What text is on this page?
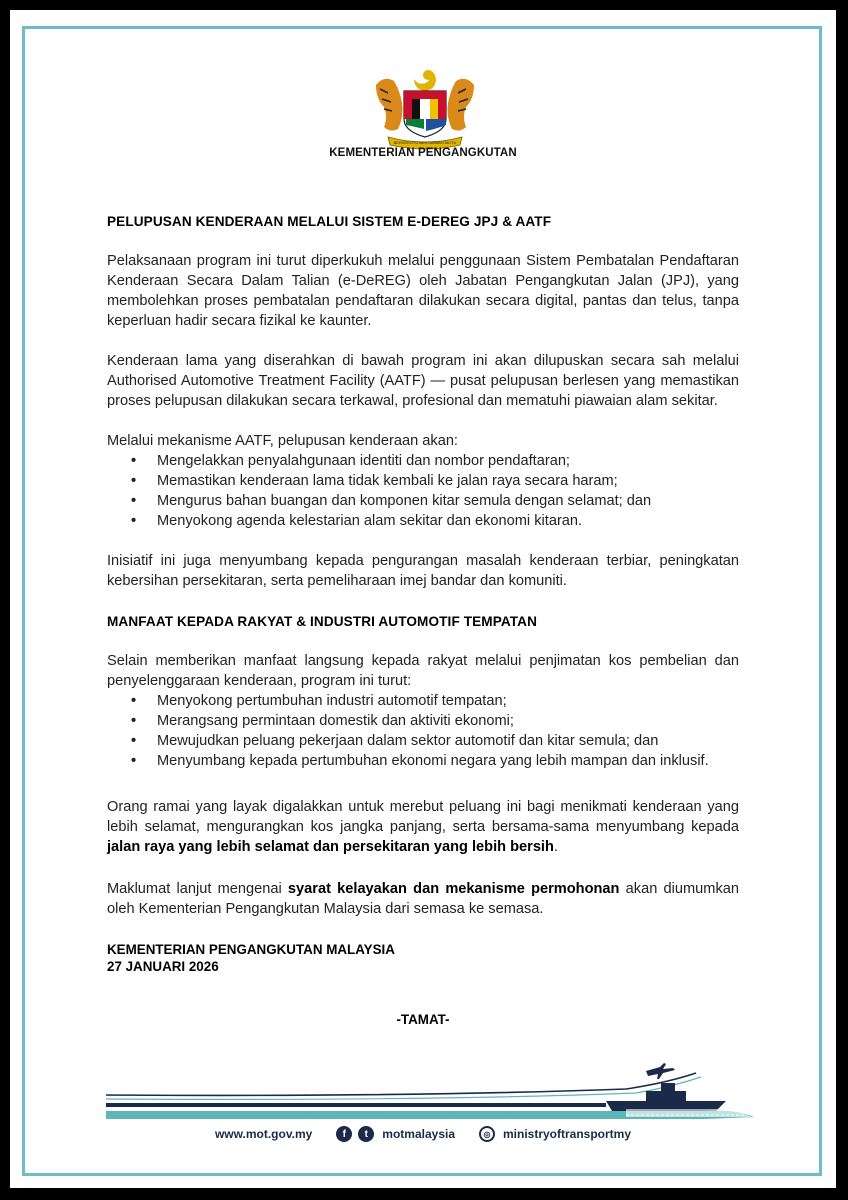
BERSEKUTU BERTAMBAH MUTU
KEMENTERIAN PENGANGKUTAN
PELUPUSAN KENDERAAN MELALUI SISTEM E-DEREG JPJ & AATF

Pelaksanaan program ini turut diperkukuh melalui penggunaan Sistem Pembatalan Pendaftaran Kenderaan Secara Dalam Talian (e-DeREG) oleh Jabatan Pengangkutan Jalan (JPJ), yang membolehkan proses pembatalan pendaftaran dilakukan secara digital, pantas dan telus, tanpa keperluan hadir secara fizikal ke kaunter.

Kenderaan lama yang diserahkan di bawah program ini akan dilupuskan secara sah melalui Authorised Automotive Treatment Facility (AATF) — pusat pelupusan berlesen yang memastikan proses pelupusan dilakukan secara terkawal, profesional dan mematuhi piawaian alam sekitar.

Melalui mekanisme AATF, pelupusan kenderaan akan:

• Mengelakkan penyalahgunaan identiti dan nombor pendaftaran;
• Memastikan kenderaan lama tidak kembali ke jalan raya secara haram;
• Mengurus bahan buangan dan komponen kitar semula dengan selamat; dan
• Menyokong agenda kelestarian alam sekitar dan ekonomi kitaran.

Inisiatif ini juga menyumbang kepada pengurangan masalah kenderaan terbiar, peningkatan kebersihan persekitaran, serta pemeliharaan imej bandar dan komuniti.

MANFAAT KEPADA RAKYAT & INDUSTRI AUTOMOTIF TEMPATAN

Selain memberikan manfaat langsung kepada rakyat melalui penjimatan kos pembelian dan penyelenggaraan kenderaan, program ini turut:

• Menyokong pertumbuhan industri automotif tempatan;
• Merangsang permintaan domestik dan aktiviti ekonomi;
• Mewujudkan peluang pekerjaan dalam sektor automotif dan kitar semula; dan
• Menyumbang kepada pertumbuhan ekonomi negara yang lebih mampan dan inklusif.

Orang ramai yang layak digalakkan untuk merebut peluang ini bagi menikmati kenderaan yang lebih selamat, mengurangkan kos jangka panjang, serta bersama-sama menyumbang kepada jalan raya yang lebih selamat dan persekitaran yang lebih bersih.

Maklumat lanjut mengenai syarat kelayakan dan mekanisme permohonan akan diumumkan oleh Kementerian Pengangkutan Malaysia dari semasa ke semasa.

KEMENTERIAN PENGANGKUTAN MALAYSIA
27 JANUARI 2026
-TAMAT-
www.mot.gov.my	f	t	motmalaysia	◎	ministryoftransportmy
